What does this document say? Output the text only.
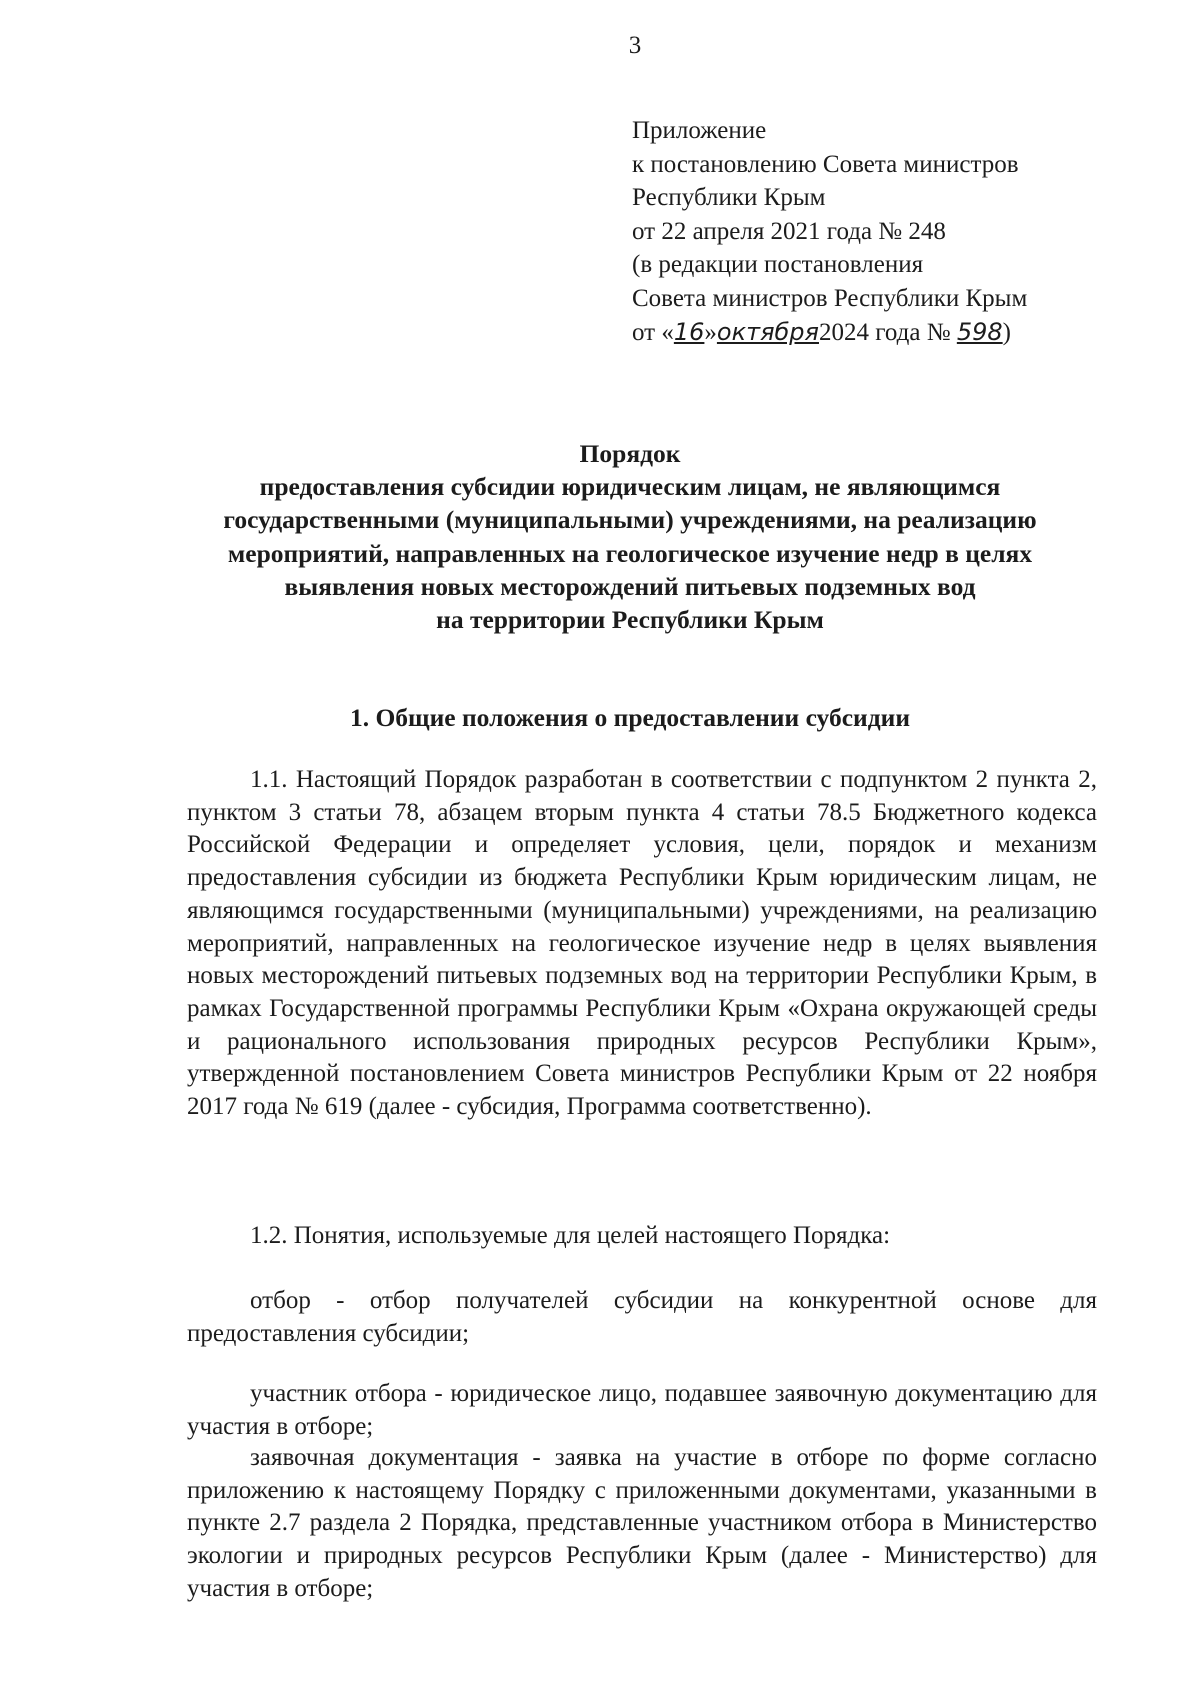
3
Приложение
к постановлению Совета министров
Республики Крым
от 22 апреля 2021 года № 248
(в редакции постановления
Совета министров Республики Крым
от «16»октября2024 года № 598)
Порядок
предоставления субсидии юридическим лицам, не являющимся
государственными (муниципальными) учреждениями, на реализацию
мероприятий, направленных на геологическое изучение недр в целях
выявления новых месторождений питьевых подземных вод
на территории Республики Крым
1. Общие положения о предоставлении субсидии
1.1. Настоящий Порядок разработан в соответствии с подпунктом 2 пункта 2, пунктом 3 статьи 78, абзацем вторым пункта 4 статьи 78.5 Бюджетного кодекса Российской Федерации и определяет условия, цели, порядок и механизм предоставления субсидии из бюджета Республики Крым юридическим лицам, не являющимся государственными (муниципальными) учреждениями, на реализацию мероприятий, направленных на геологическое изучение недр в целях выявления новых месторождений питьевых подземных вод на территории Республики Крым, в рамках Государственной программы Республики Крым «Охрана окружающей среды и рационального использования природных ресурсов Республики Крым», утвержденной постановлением Совета министров Республики Крым от 22 ноября 2017 года № 619 (далее - субсидия, Программа соответственно).
1.2. Понятия, используемые для целей настоящего Порядка:
отбор - отбор получателей субсидии на конкурентной основе для предоставления субсидии;
участник отбора - юридическое лицо, подавшее заявочную документацию для участия в отборе;
заявочная документация - заявка на участие в отборе по форме согласно приложению к настоящему Порядку с приложенными документами, указанными в пункте 2.7 раздела 2 Порядка, представленные участником отбора в Министерство экологии и природных ресурсов Республики Крым (далее - Министерство) для участия в отборе;
